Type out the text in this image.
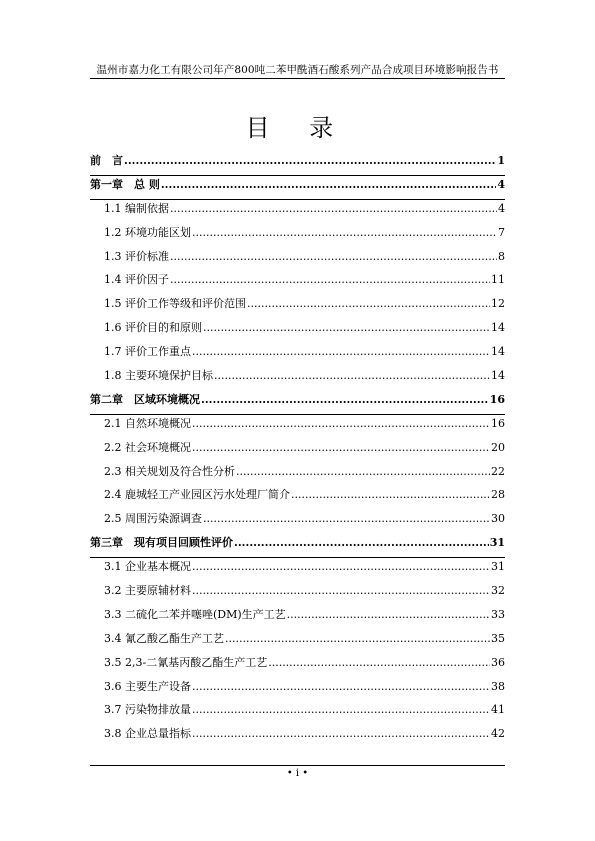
温州市嘉力化工有限公司年产800吨二苯甲酰酒石酸系列产品合成项目环境影响报告书
目 录
前　言 .....	1
第一章　总 则 .....	4
1.1 编制依据 .....	4
1.2 环境功能区划 .....	7
1.3 评价标准 .....	8
1.4 评价因子 .....	11
1.5 评价工作等级和评价范围 .....	12
1.6 评价目的和原则 .....	14
1.7 评价工作重点 .....	14
1.8 主要环境保护目标 .....	14
第二章　区域环境概况 .....	16
2.1 自然环境概况 .....	16
2.2 社会环境概况 .....	20
2.3 相关规划及符合性分析 .....	22
2.4 鹿城轻工产业园区污水处理厂简介 .....	28
2.5 周围污染源调查 .....	30
第三章　现有项目回顾性评价 .....	31
3.1 企业基本概况 .....	31
3.2 主要原辅材料 .....	32
3.3 二硫化二苯并噻唑(DM)生产工艺 .....	33
3.4 氰乙酸乙酯生产工艺 .....	35
3.5 2,3-二氰基丙酸乙酯生产工艺 .....	36
3.6 主要生产设备 .....	38
3.7 污染物排放量 .....	41
3.8 企业总量指标 .....	42
• i •
